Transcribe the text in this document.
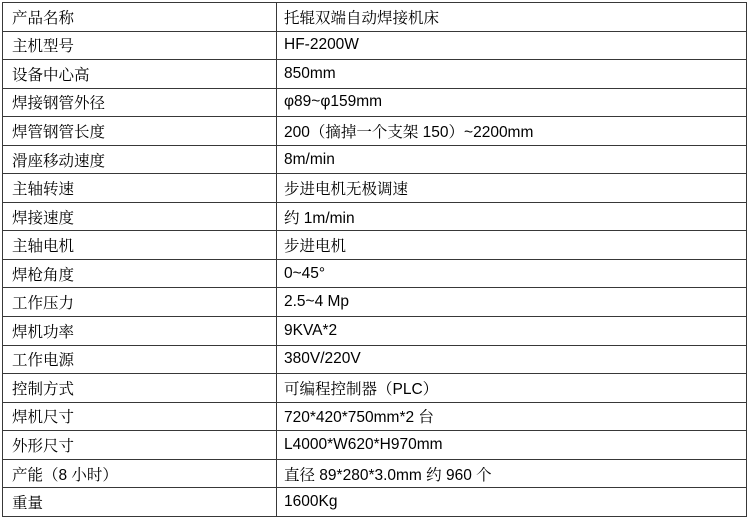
产品名称	托辊双端自动焊接机床
主机型号	HF-2200W
设备中心高	850mm
焊接钢管外径	φ89~φ159mm
焊管钢管长度	200（摘掉一个支架 150）~2200mm
滑座移动速度	8m/min
主轴转速	步进电机无极调速
焊接速度	约 1m/min
主轴电机	步进电机
焊枪角度	0~45°
工作压力	2.5~4 Mp
焊机功率	9KVA*2
工作电源	380V/220V
控制方式	可编程控制器（PLC）
焊机尺寸	720*420*750mm*2 台
外形尺寸	L4000*W620*H970mm
产能（8 小时）	直径 89*280*3.0mm 约 960 个
重量	1600Kg
